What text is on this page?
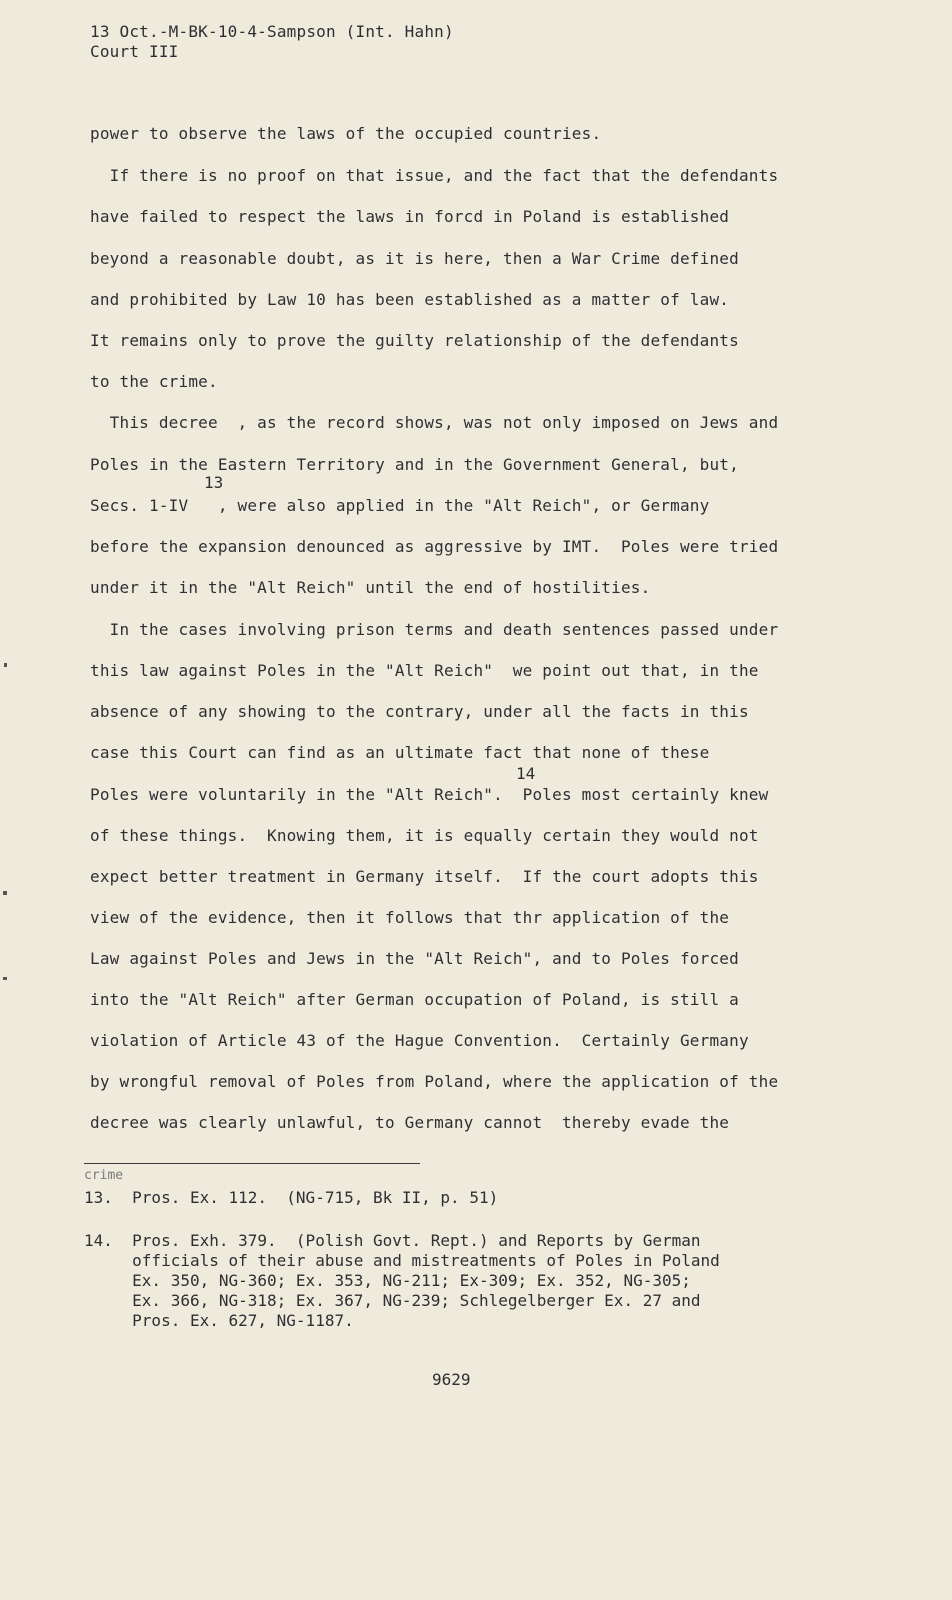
13 Oct.-M-BK-10-4-Sampson (Int. Hahn)
Court III
power to observe the laws of the occupied countries.
If there is no proof on that issue, and the fact that the defendants
have failed to respect the laws in forcd in Poland is established
beyond a reasonable doubt, as it is here, then a War Crime defined
and prohibited by Law 10 has been established as a matter of law.
It remains only to prove the guilty relationship of the defendants
to the crime.
This decree  , as the record shows, was not only imposed on Jews and
Poles in the Eastern Territory and in the Government General, but,
13
Secs. 1-IV   , were also applied in the "Alt Reich", or Germany
before the expansion denounced as aggressive by IMT.  Poles were tried
under it in the "Alt Reich" until the end of hostilities.
In the cases involving prison terms and death sentences passed under
this law against Poles in the "Alt Reich"  we point out that, in the
absence of any showing to the contrary, under all the facts in this
case this Court can find as an ultimate fact that none of these
14
Poles were voluntarily in the "Alt Reich".  Poles most certainly knew
of these things.  Knowing them, it is equally certain they would not
expect better treatment in Germany itself.  If the court adopts this
view of the evidence, then it follows that thr application of the
Law against Poles and Jews in the "Alt Reich", and to Poles forced
into the "Alt Reich" after German occupation of Poland, is still a
violation of Article 43 of the Hague Convention.  Certainly Germany
by wrongful removal of Poles from Poland, where the application of the
decree was clearly unlawful, to Germany cannot  thereby evade the
crime
13.  Pros. Ex. 112.  (NG-715, Bk II, p. 51)
14.  Pros. Exh. 379.  (Polish Govt. Rept.) and Reports by German
officials of their abuse and mistreatments of Poles in Poland
Ex. 350, NG-360; Ex. 353, NG-211; Ex-309; Ex. 352, NG-305;
Ex. 366, NG-318; Ex. 367, NG-239; Schlegelberger Ex. 27 and
Pros. Ex. 627, NG-1187.
9629
